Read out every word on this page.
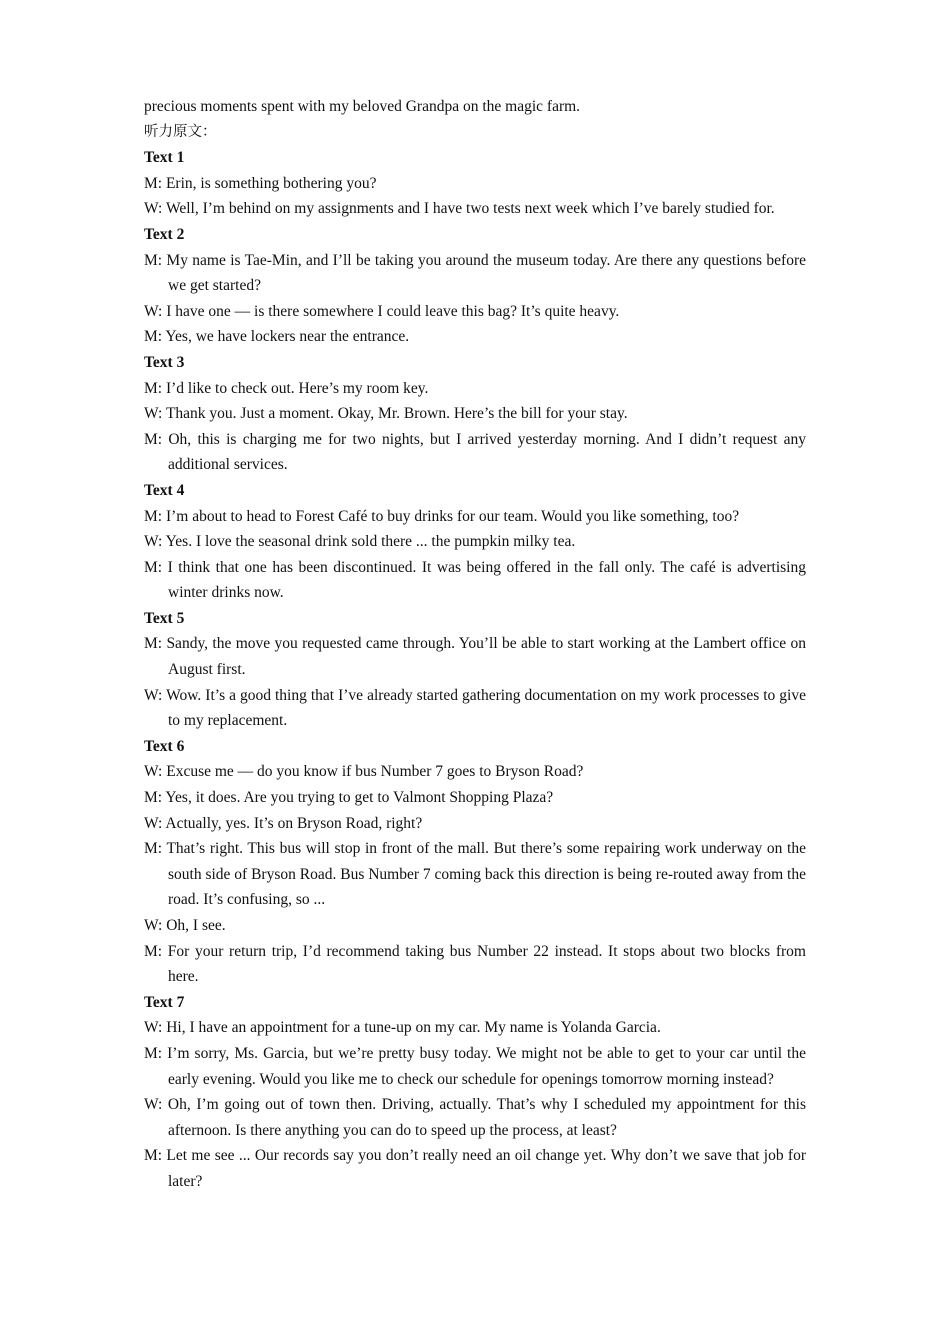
precious moments spent with my beloved Grandpa on the magic farm.

听力原文：

Text 1

M: Erin, is something bothering you?

W: Well, I’m behind on my assignments and I have two tests next week which I’ve barely studied for.

Text 2

M: My name is Tae-Min, and I’ll be taking you around the museum today. Are there any questions before we get started?

W: I have one — is there somewhere I could leave this bag? It’s quite heavy.

M: Yes, we have lockers near the entrance.

Text 3

M: I’d like to check out. Here’s my room key.

W: Thank you. Just a moment. Okay, Mr. Brown. Here’s the bill for your stay.

M: Oh, this is charging me for two nights, but I arrived yesterday morning. And I didn’t request any additional services.

Text 4

M: I’m about to head to Forest Café to buy drinks for our team. Would you like something, too?

W: Yes. I love the seasonal drink sold there ... the pumpkin milky tea.

M: I think that one has been discontinued. It was being offered in the fall only. The café is advertising winter drinks now.

Text 5

M: Sandy, the move you requested came through. You’ll be able to start working at the Lambert office on August first.

W: Wow. It’s a good thing that I’ve already started gathering documentation on my work processes to give to my replacement.

Text 6

W: Excuse me — do you know if bus Number 7 goes to Bryson Road?

M: Yes, it does. Are you trying to get to Valmont Shopping Plaza?

W: Actually, yes. It’s on Bryson Road, right?

M: That’s right. This bus will stop in front of the mall. But there’s some repairing work underway on the south side of Bryson Road. Bus Number 7 coming back this direction is being re-routed away from the road. It’s confusing, so ...

W: Oh, I see.

M: For your return trip, I’d recommend taking bus Number 22 instead. It stops about two blocks from here.

Text 7

W: Hi, I have an appointment for a tune-up on my car. My name is Yolanda Garcia.

M: I’m sorry, Ms. Garcia, but we’re pretty busy today. We might not be able to get to your car until the early evening. Would you like me to check our schedule for openings tomorrow morning instead?

W: Oh, I’m going out of town then. Driving, actually. That’s why I scheduled my appointment for this afternoon. Is there anything you can do to speed up the process, at least?

M: Let me see ... Our records say you don’t really need an oil change yet. Why don’t we save that job for later?
